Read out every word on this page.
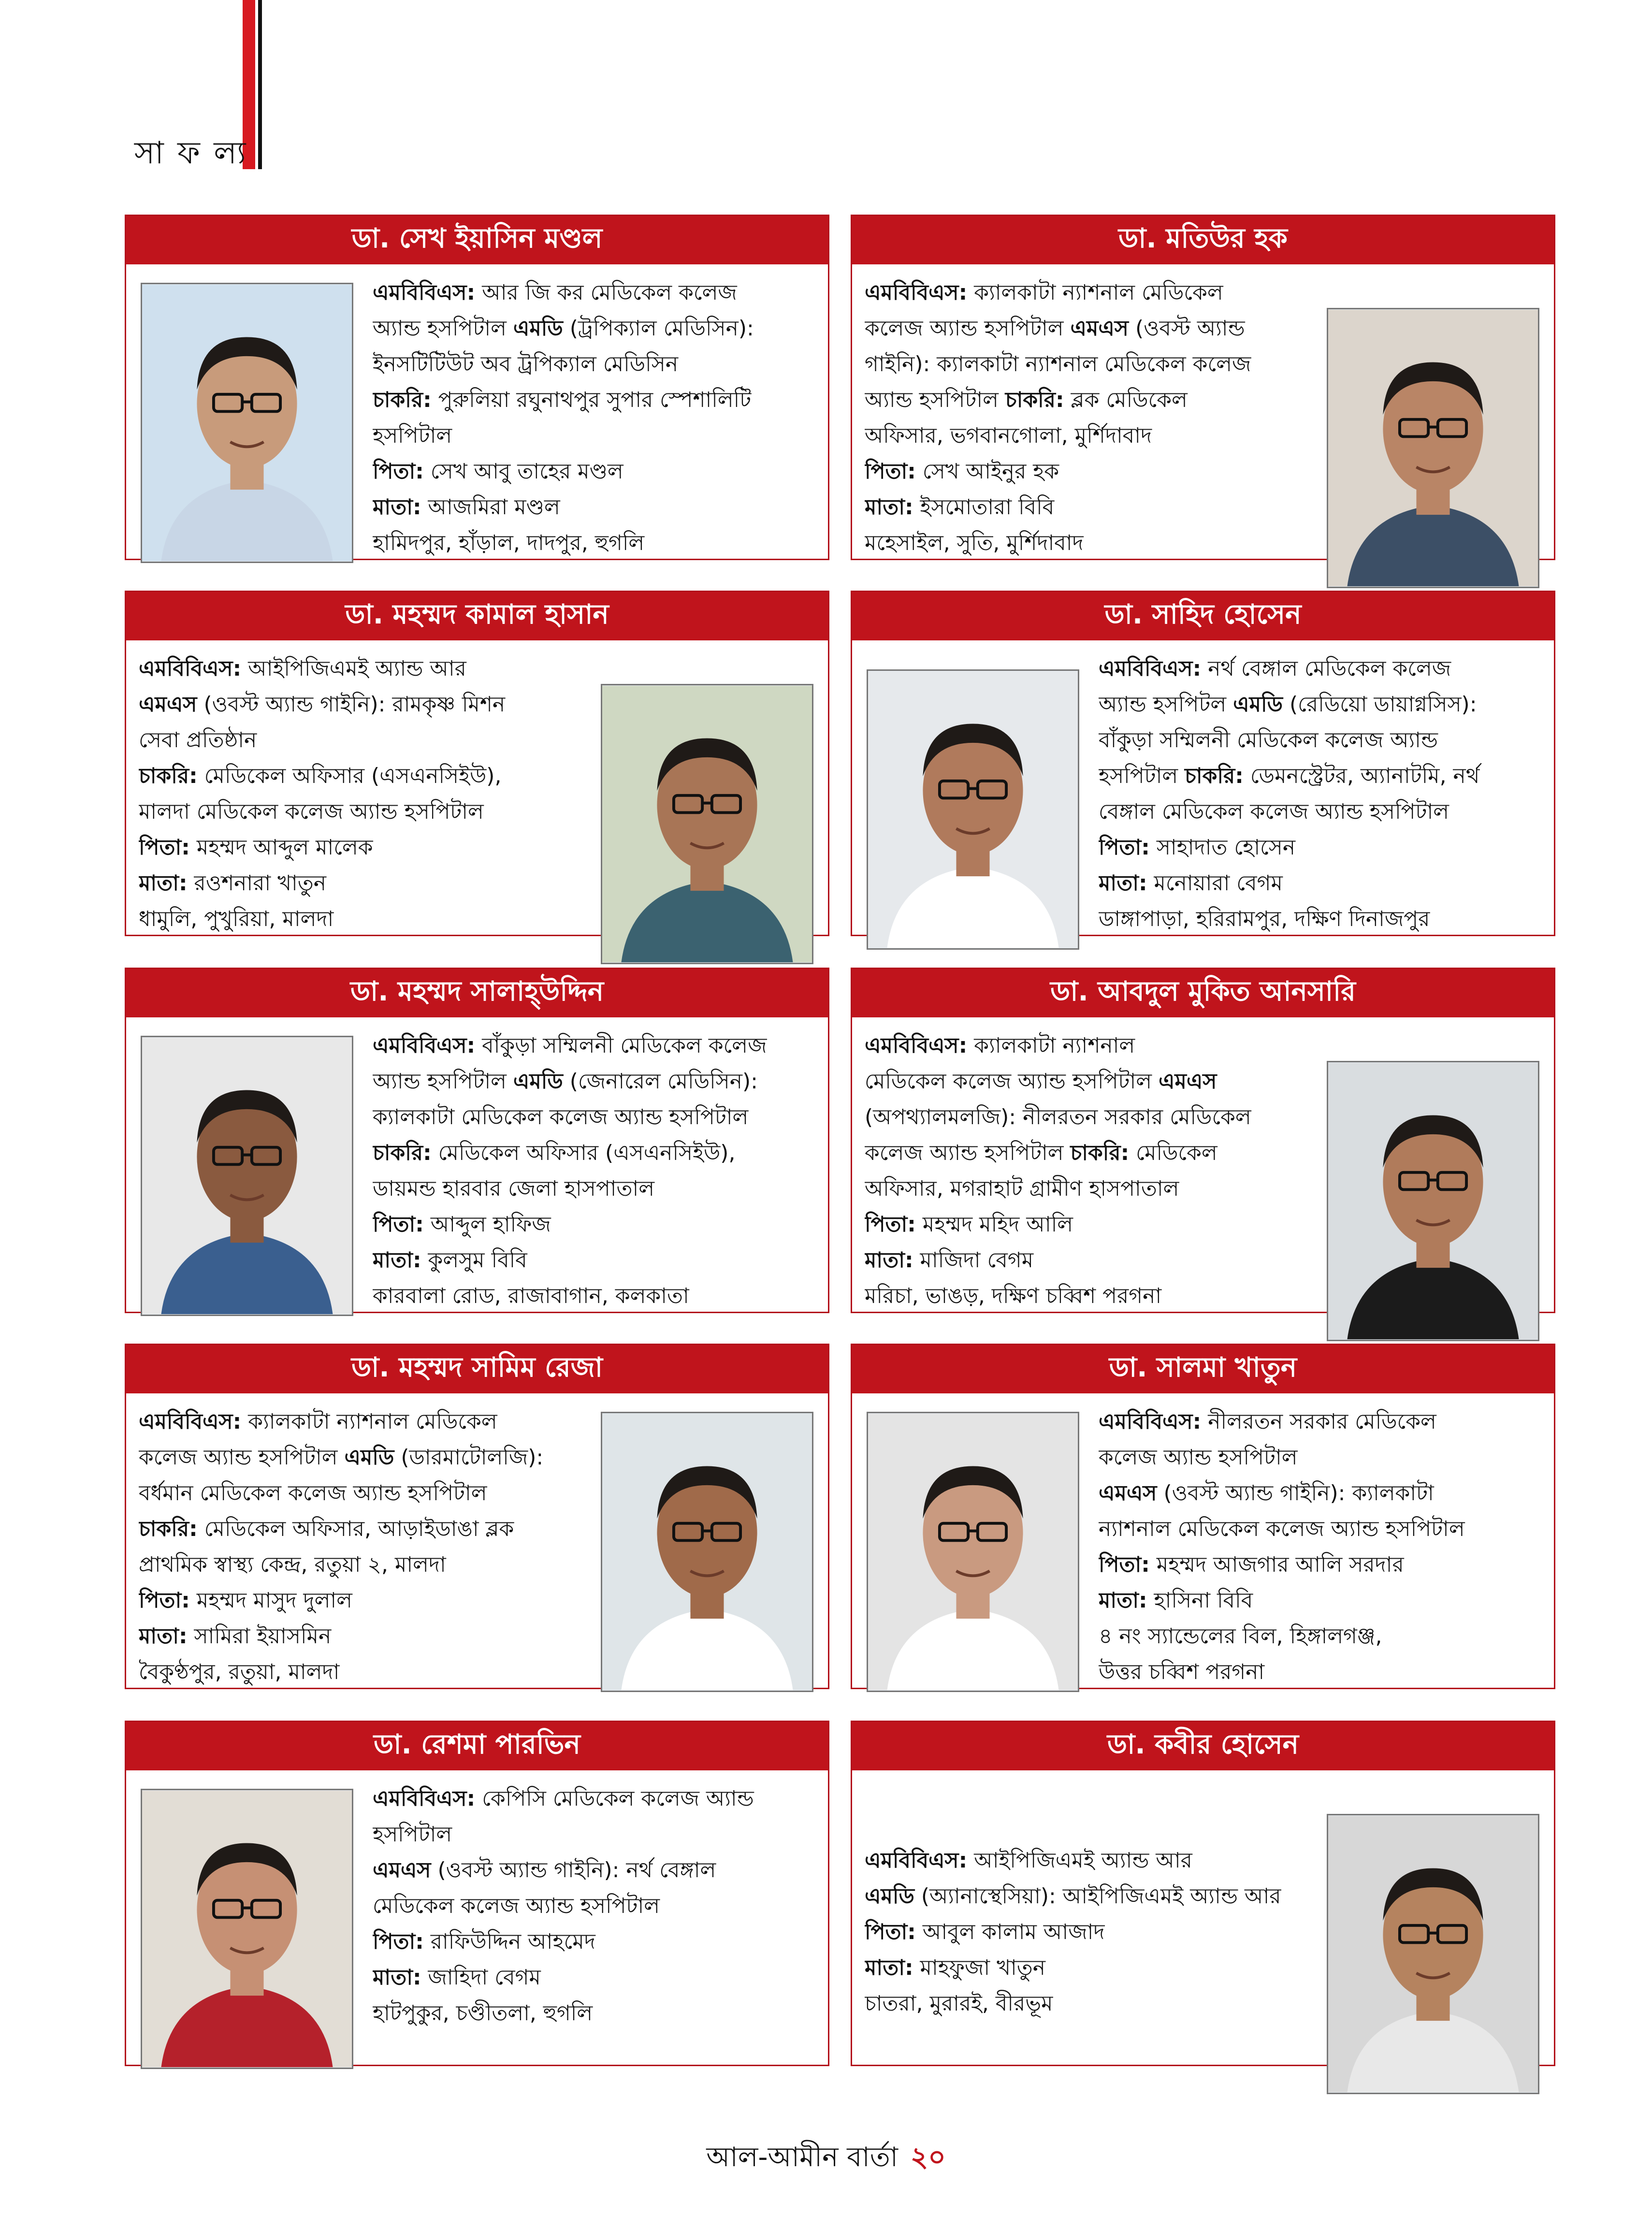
সা ফ ল্য
ডা. সেখ ইয়াসিন মণ্ডল
এমবিবিএস: আর জি কর মেডিকেল কলেজ
অ্যান্ড হসপিটাল এমডি (ট্রপিক্যাল মেডিসিন):
ইনসটিটিউট অব ট্রপিক্যাল মেডিসিন
চাকরি: পুরুলিয়া রঘুনাথপুর সুপার স্পেশালিটি
হসপিটাল
পিতা: সেখ আবু তাহের মণ্ডল
মাতা: আজমিরা মণ্ডল
হামিদপুর, হাঁড়াল, দাদপুর, হুগলি
ডা. মতিউর হক
এমবিবিএস: ক্যালকাটা ন্যাশনাল মেডিকেল
কলেজ অ্যান্ড হসপিটাল এমএস (ওবস্ট অ্যান্ড
গাইনি): ক্যালকাটা ন্যাশনাল মেডিকেল কলেজ
অ্যান্ড হসপিটাল চাকরি: ব্লক মেডিকেল
অফিসার, ভগবানগোলা, মুর্শিদাবাদ
পিতা: সেখ আইনুর হক
মাতা: ইসমোতারা বিবি
মহেসাইল, সুতি, মুর্শিদাবাদ
ডা. মহম্মদ কামাল হাসান
এমবিবিএস: আইপিজিএমই অ্যান্ড আর
এমএস (ওবস্ট অ্যান্ড গাইনি): রামকৃষ্ণ মিশন
সেবা প্রতিষ্ঠান
চাকরি: মেডিকেল অফিসার (এসএনসিইউ),
মালদা মেডিকেল কলেজ অ্যান্ড হসপিটাল
পিতা: মহম্মদ আব্দুল মালেক
মাতা: রওশনারা খাতুন
ধামুলি, পুখুরিয়া, মালদা
ডা. সাহিদ হোসেন
এমবিবিএস: নর্থ বেঙ্গাল মেডিকেল কলেজ
অ্যান্ড হসপিটল এমডি (রেডিয়ো ডায়াগ্নসিস):
বাঁকুড়া সম্মিলনী মেডিকেল কলেজ অ্যান্ড
হসপিটাল চাকরি: ডেমনস্ট্রেটর, অ্যানাটমি, নর্থ
বেঙ্গাল মেডিকেল কলেজ অ্যান্ড হসপিটাল
পিতা: সাহাদাত হোসেন
মাতা: মনোয়ারা বেগম
ডাঙ্গাপাড়া, হরিরামপুর, দক্ষিণ দিনাজপুর
ডা. মহম্মদ সালাহ্উদ্দিন
এমবিবিএস: বাঁকুড়া সম্মিলনী মেডিকেল কলেজ
অ্যান্ড হসপিটাল এমডি (জেনারেল মেডিসিন):
ক্যালকাটা মেডিকেল কলেজ অ্যান্ড হসপিটাল
চাকরি: মেডিকেল অফিসার (এসএনসিইউ),
ডায়মন্ড হারবার জেলা হাসপাতাল
পিতা: আব্দুল হাফিজ
মাতা: কুলসুম বিবি
কারবালা রোড, রাজাবাগান, কলকাতা
ডা. আবদুল মুকিত আনসারি
এমবিবিএস: ক্যালকাটা ন্যাশনাল
মেডিকেল কলেজ অ্যান্ড হসপিটাল এমএস
(অপথ্যালমলজি): নীলরতন সরকার মেডিকেল
কলেজ অ্যান্ড হসপিটাল চাকরি: মেডিকেল
অফিসার, মগরাহাট গ্রামীণ হাসপাতাল
পিতা: মহম্মদ মহিদ আলি
মাতা: মাজিদা বেগম
মরিচা, ভাঙড়, দক্ষিণ চব্বিশ পরগনা
ডা. মহম্মদ সামিম রেজা
এমবিবিএস: ক্যালকাটা ন্যাশনাল মেডিকেল
কলেজ অ্যান্ড হসপিটাল এমডি (ডারমাটোলজি):
বর্ধমান মেডিকেল কলেজ অ্যান্ড হসপিটাল
চাকরি: মেডিকেল অফিসার, আড়াইডাঙা ব্লক
প্রাথমিক স্বাস্থ্য কেন্দ্র, রতুয়া ২, মালদা
পিতা: মহম্মদ মাসুদ দুলাল
মাতা: সামিরা ইয়াসমিন
বৈকুণ্ঠপুর, রতুয়া, মালদা
ডা. সালমা খাতুন
এমবিবিএস: নীলরতন সরকার মেডিকেল
কলেজ অ্যান্ড হসপিটাল
এমএস (ওবস্ট অ্যান্ড গাইনি): ক্যালকাটা
ন্যাশনাল মেডিকেল কলেজ অ্যান্ড হসপিটাল
পিতা: মহম্মদ আজগার আলি সরদার
মাতা: হাসিনা বিবি
৪ নং স্যান্ডেলের বিল, হিঙ্গালগঞ্জ,
উত্তর চব্বিশ পরগনা
ডা. রেশমা পারভিন
এমবিবিএস: কেপিসি মেডিকেল কলেজ অ্যান্ড
হসপিটাল
এমএস (ওবস্ট অ্যান্ড গাইনি): নর্থ বেঙ্গাল
মেডিকেল কলেজ অ্যান্ড হসপিটাল
পিতা: রাফিউদ্দিন আহমেদ
মাতা: জাহিদা বেগম
হাটপুকুর, চণ্ডীতলা, হুগলি
ডা. কবীর হোসেন
এমবিবিএস: আইপিজিএমই অ্যান্ড আর
এমডি (অ্যানাস্থেসিয়া): আইপিজিএমই অ্যান্ড আর
পিতা: আবুল কালাম আজাদ
মাতা: মাহফুজা খাতুন
চাতরা, মুরারই, বীরভূম
আল-আমীন বার্তা ২০
